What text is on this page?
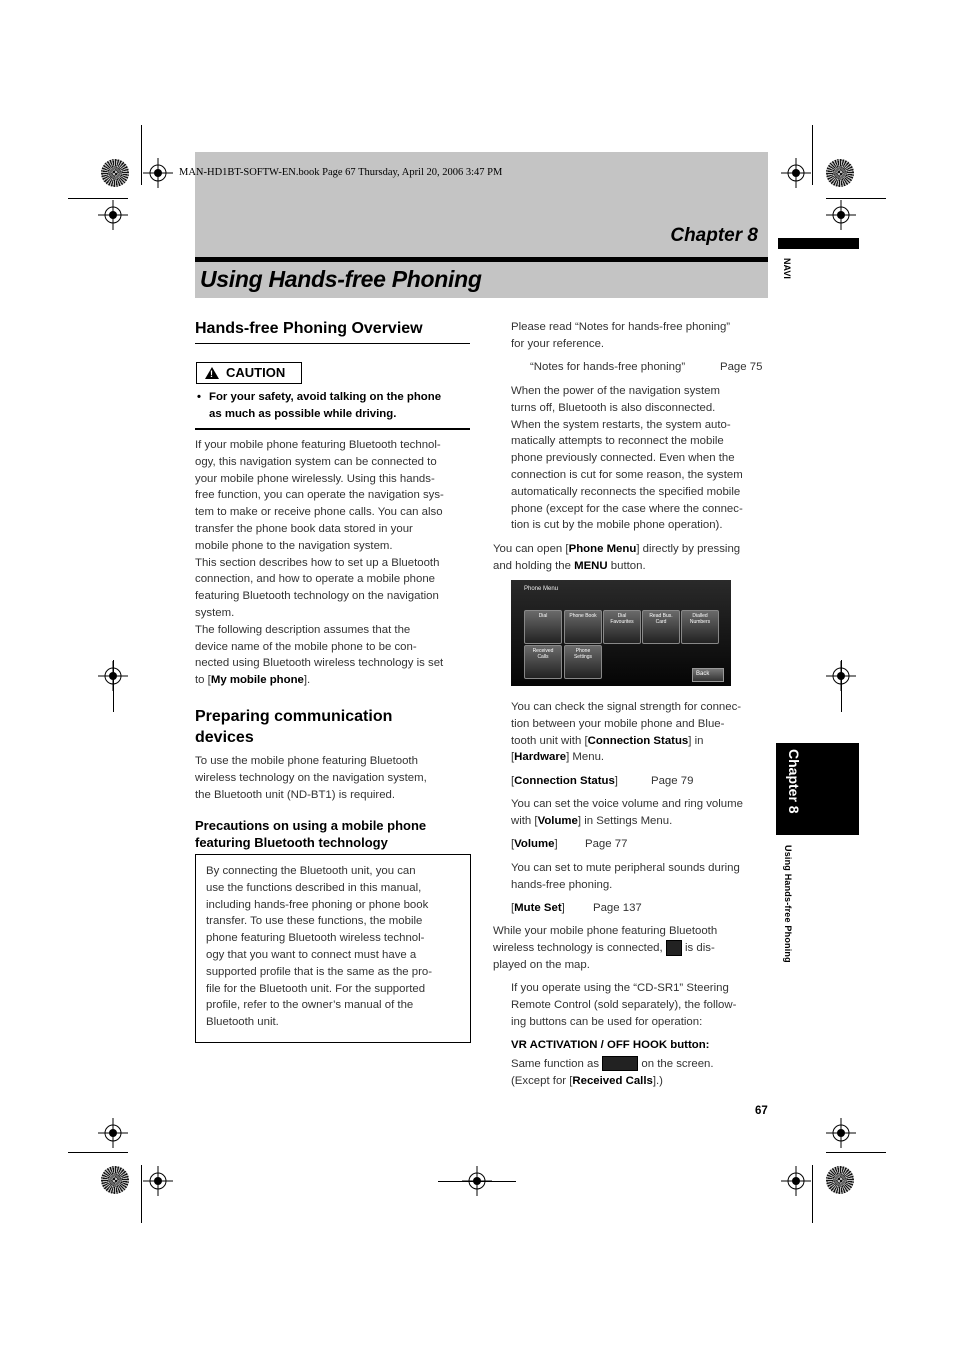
MAN-HD1BT-SOFTW-EN.book Page 67 Thursday, April 20, 2006 3:47 PM
Chapter 8
Using Hands-free Phoning	NAVI
Chapter 8
Using Hands-free Phoning
Hands-free Phoning Overview
!
CAUTION
• For your safety, avoid talking on the phone
as much as possible while driving.
If your mobile phone featuring Bluetooth technol-
ogy, this navigation system can be connected to
your mobile phone wirelessly. Using this hands-
free function, you can operate the navigation sys-
tem to make or receive phone calls. You can also
transfer the phone book data stored in your
mobile phone to the navigation system.
This section describes how to set up a Bluetooth
connection, and how to operate a mobile phone
featuring Bluetooth technology on the navigation
system.
The following description assumes that the
device name of the mobile phone to be con-
nected using Bluetooth wireless technology is set
to [My mobile phone].
Preparing communication
devices
To use the mobile phone featuring Bluetooth
wireless technology on the navigation system,
the Bluetooth unit (ND-BT1) is required.
Precautions on using a mobile phone
featuring Bluetooth technology
By connecting the Bluetooth unit, you can
use the functions described in this manual,
including hands-free phoning or phone book
transfer. To use these functions, the mobile
phone featuring Bluetooth wireless technol-
ogy that you want to connect must have a
supported profile that is the same as the pro-
file for the Bluetooth unit. For the supported
profile, refer to the owner’s manual of the
Bluetooth unit.
Please read “Notes for hands-free phoning”
for your reference.
“Notes for hands-free phoning”	Page 75
When the power of the navigation system
turns off, Bluetooth is also disconnected.
When the system restarts, the system auto-
matically attempts to reconnect the mobile
phone previously connected. Even when the
connection is cut for some reason, the system
automatically reconnects the specified mobile
phone (except for the case where the connec-
tion is cut by the mobile phone operation).
You can open [Phone Menu] directly by pressing
and holding the MENU button.
Phone Menu
Dial	Phone Book	Dial Favourites
Read Bus. Card
Dialled Numbers
Received Calls
Phone Settings
Back
You can check the signal strength for connec-
tion between your mobile phone and Blue-
tooth unit with [Connection Status] in
[Hardware] Menu.
[Connection Status]	Page 79
You can set the voice volume and ring volume
with [Volume] in Settings Menu.
[Volume] Page 77
You can set to mute peripheral sounds during
hands-free phoning.
[Mute Set] Page 137
While your mobile phone featuring Bluetooth
wireless technology is connected, is dis-
played on the map.
If you operate using the “CD-SR1” Steering
Remote Control (sold separately), the follow-
ing buttons can be used for operation:
VR ACTIVATION / OFF HOOK button:
Same function as	on the screen.
(Except for [Received Calls].)
67
